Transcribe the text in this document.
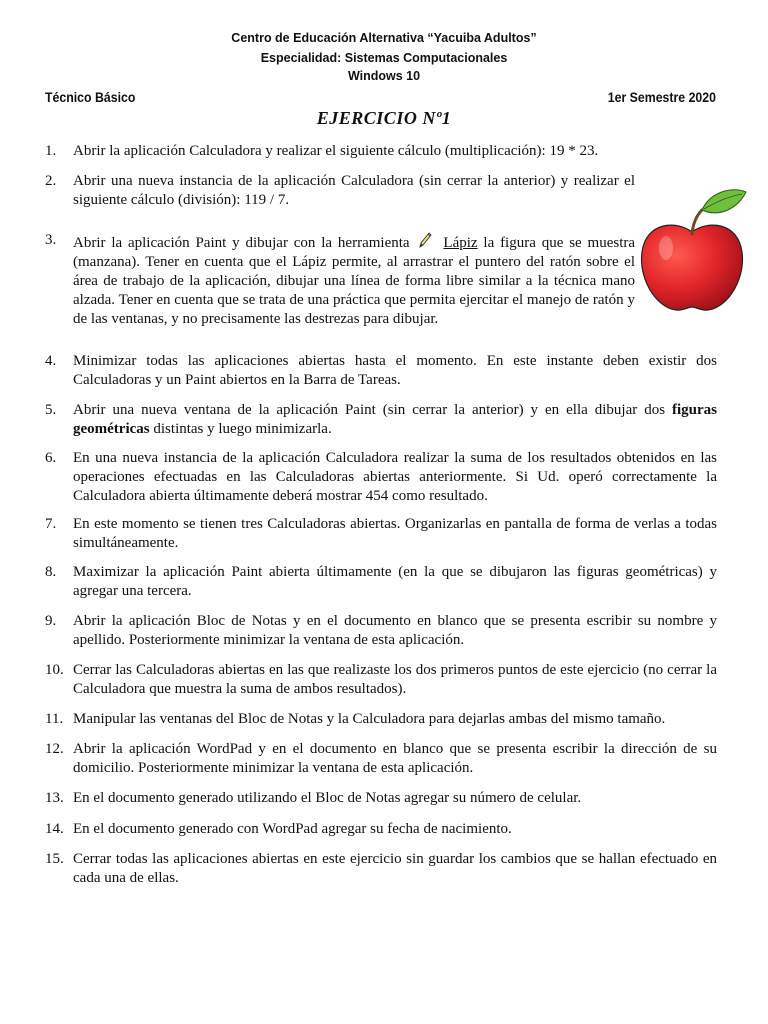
Centro de Educación Alternativa “Yacuiba Adultos”
Especialidad: Sistemas Computacionales
Windows 10
Técnico Básico	1er Semestre 2020
EJERCICIO Nº1
1. Abrir la aplicación Calculadora y realizar el siguiente cálculo (multiplicación): 19 * 23.
2. Abrir una nueva instancia de la aplicación Calculadora (sin cerrar la anterior) y realizar el siguiente cálculo (división): 119 / 7.
3. Abrir la aplicación Paint y dibujar con la herramienta Lápiz la figura que se muestra (manzana). Tener en cuenta que el Lápiz permite, al arrastrar el puntero del ratón sobre el área de trabajo de la aplicación, dibujar una línea de forma libre similar a la técnica mano alzada. Tener en cuenta que se trata de una práctica que permita ejercitar el manejo de ratón y de las ventanas, y no precisamente las destrezas para dibujar.
4. Minimizar todas las aplicaciones abiertas hasta el momento. En este instante deben existir dos Calculadoras y un Paint abiertos en la Barra de Tareas.
5. Abrir una nueva ventana de la aplicación Paint (sin cerrar la anterior) y en ella dibujar dos figuras geométricas distintas y luego minimizarla.
6. En una nueva instancia de la aplicación Calculadora realizar la suma de los resultados obtenidos en las operaciones efectuadas en las Calculadoras abiertas anteriormente. Si Ud. operó correctamente la Calculadora abierta últimamente deberá mostrar 454 como resultado.
7. En este momento se tienen tres Calculadoras abiertas. Organizarlas en pantalla de forma de verlas a todas simultáneamente.
8. Maximizar la aplicación Paint abierta últimamente (en la que se dibujaron las figuras geométricas) y agregar una tercera.
9. Abrir la aplicación Bloc de Notas y en el documento en blanco que se presenta escribir su nombre y apellido. Posteriormente minimizar la ventana de esta aplicación.
10. Cerrar las Calculadoras abiertas en las que realizaste los dos primeros puntos de este ejercicio (no cerrar la Calculadora que muestra la suma de ambos resultados).
11. Manipular las ventanas del Bloc de Notas y la Calculadora para dejarlas ambas del mismo tamaño.
12. Abrir la aplicación WordPad y en el documento en blanco que se presenta escribir la dirección de su domicilio. Posteriormente minimizar la ventana de esta aplicación.
13. En el documento generado utilizando el Bloc de Notas agregar su número de celular.
14. En el documento generado con WordPad agregar su fecha de nacimiento.
15. Cerrar todas las aplicaciones abiertas en este ejercicio sin guardar los cambios que se hallan efectuado en cada una de ellas.
